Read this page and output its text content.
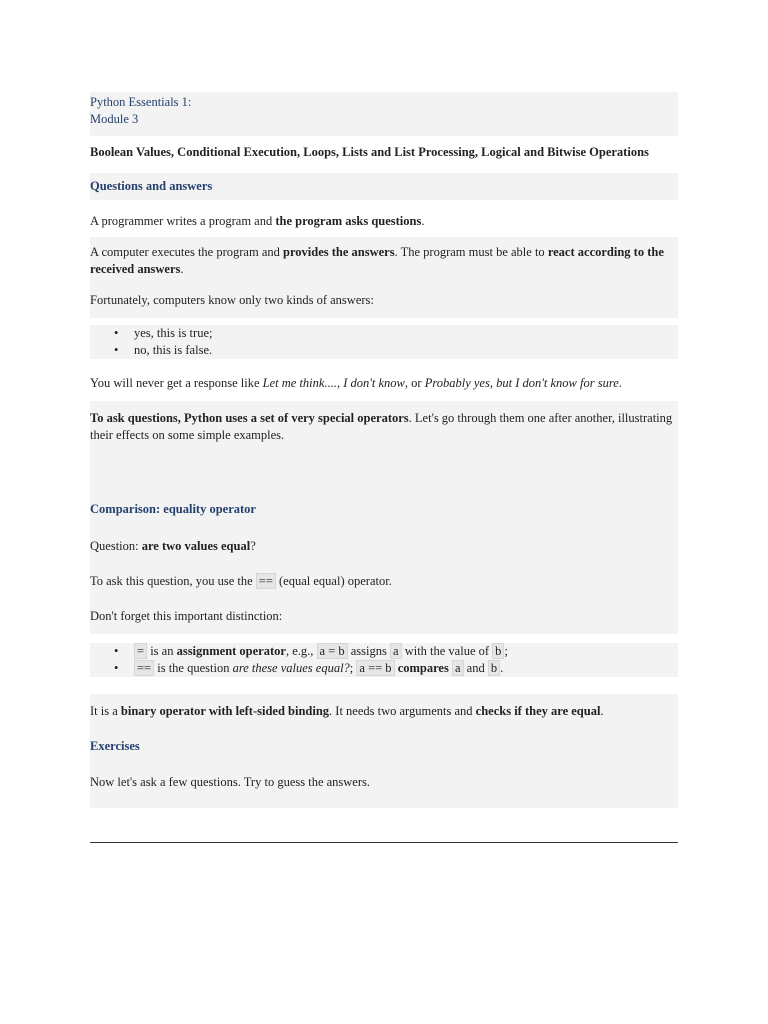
Python Essentials 1:
Module 3
Boolean Values, Conditional Execution, Loops, Lists and List Processing, Logical and Bitwise Operations
Questions and answers
A programmer writes a program and the program asks questions.
A computer executes the program and provides the answers. The program must be able to react according to the received answers.
Fortunately, computers know only two kinds of answers:
• yes, this is true;
• no, this is false.
You will never get a response like Let me think...., I don't know, or Probably yes, but I don't know for sure.
To ask questions, Python uses a set of very special operators. Let's go through them one after another, illustrating their effects on some simple examples.
Comparison: equality operator
Question: are two values equal?
To ask this question, you use the == (equal equal) operator.
Don't forget this important distinction:
• = is an assignment operator, e.g., a = b assigns a with the value of b ;
• == is the question are these values equal?; a == b compares a and b .
It is a binary operator with left-sided binding. It needs two arguments and checks if they are equal.
Exercises
Now let's ask a few questions. Try to guess the answers.
